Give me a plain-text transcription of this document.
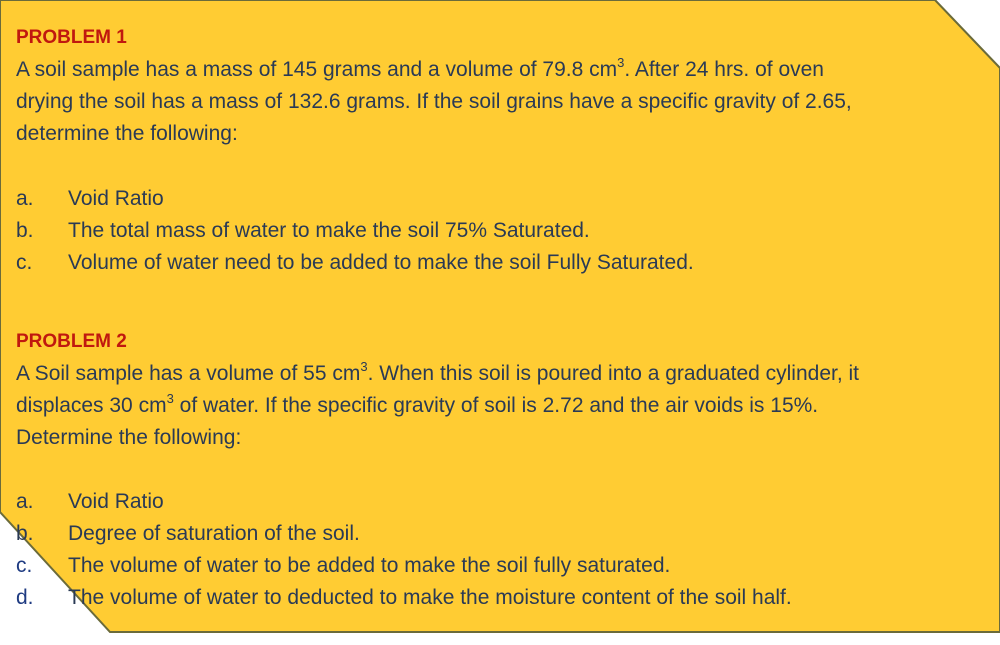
PROBLEM 1

A soil sample has a mass of 145 grams and a volume of 79.8 $cm^3$. After 24 hrs. of oven

drying the soil has a mass of 132.6 grams. If the soil grains have a specific gravity of 2.65,

determine the following:

a. Void Ratio

b. The total mass of water to make the soil 75% Saturated.

c. Volume of water need to be added to make the soil Fully Saturated.

PROBLEM 2

A Soil sample has a volume of 55 $cm^3$. When this soil is poured into a graduated cylinder, it

displaces 30 $cm^3$ of water. If the specific gravity of soil is 2.72 and the air voids is 15%.

Determine the following:

a. Void Ratio

b. Degree of saturation of the soil.

c. The volume of water to be added to make the soil fully saturated.

d. The volume of water to deducted to make the moisture content of the soil half.
